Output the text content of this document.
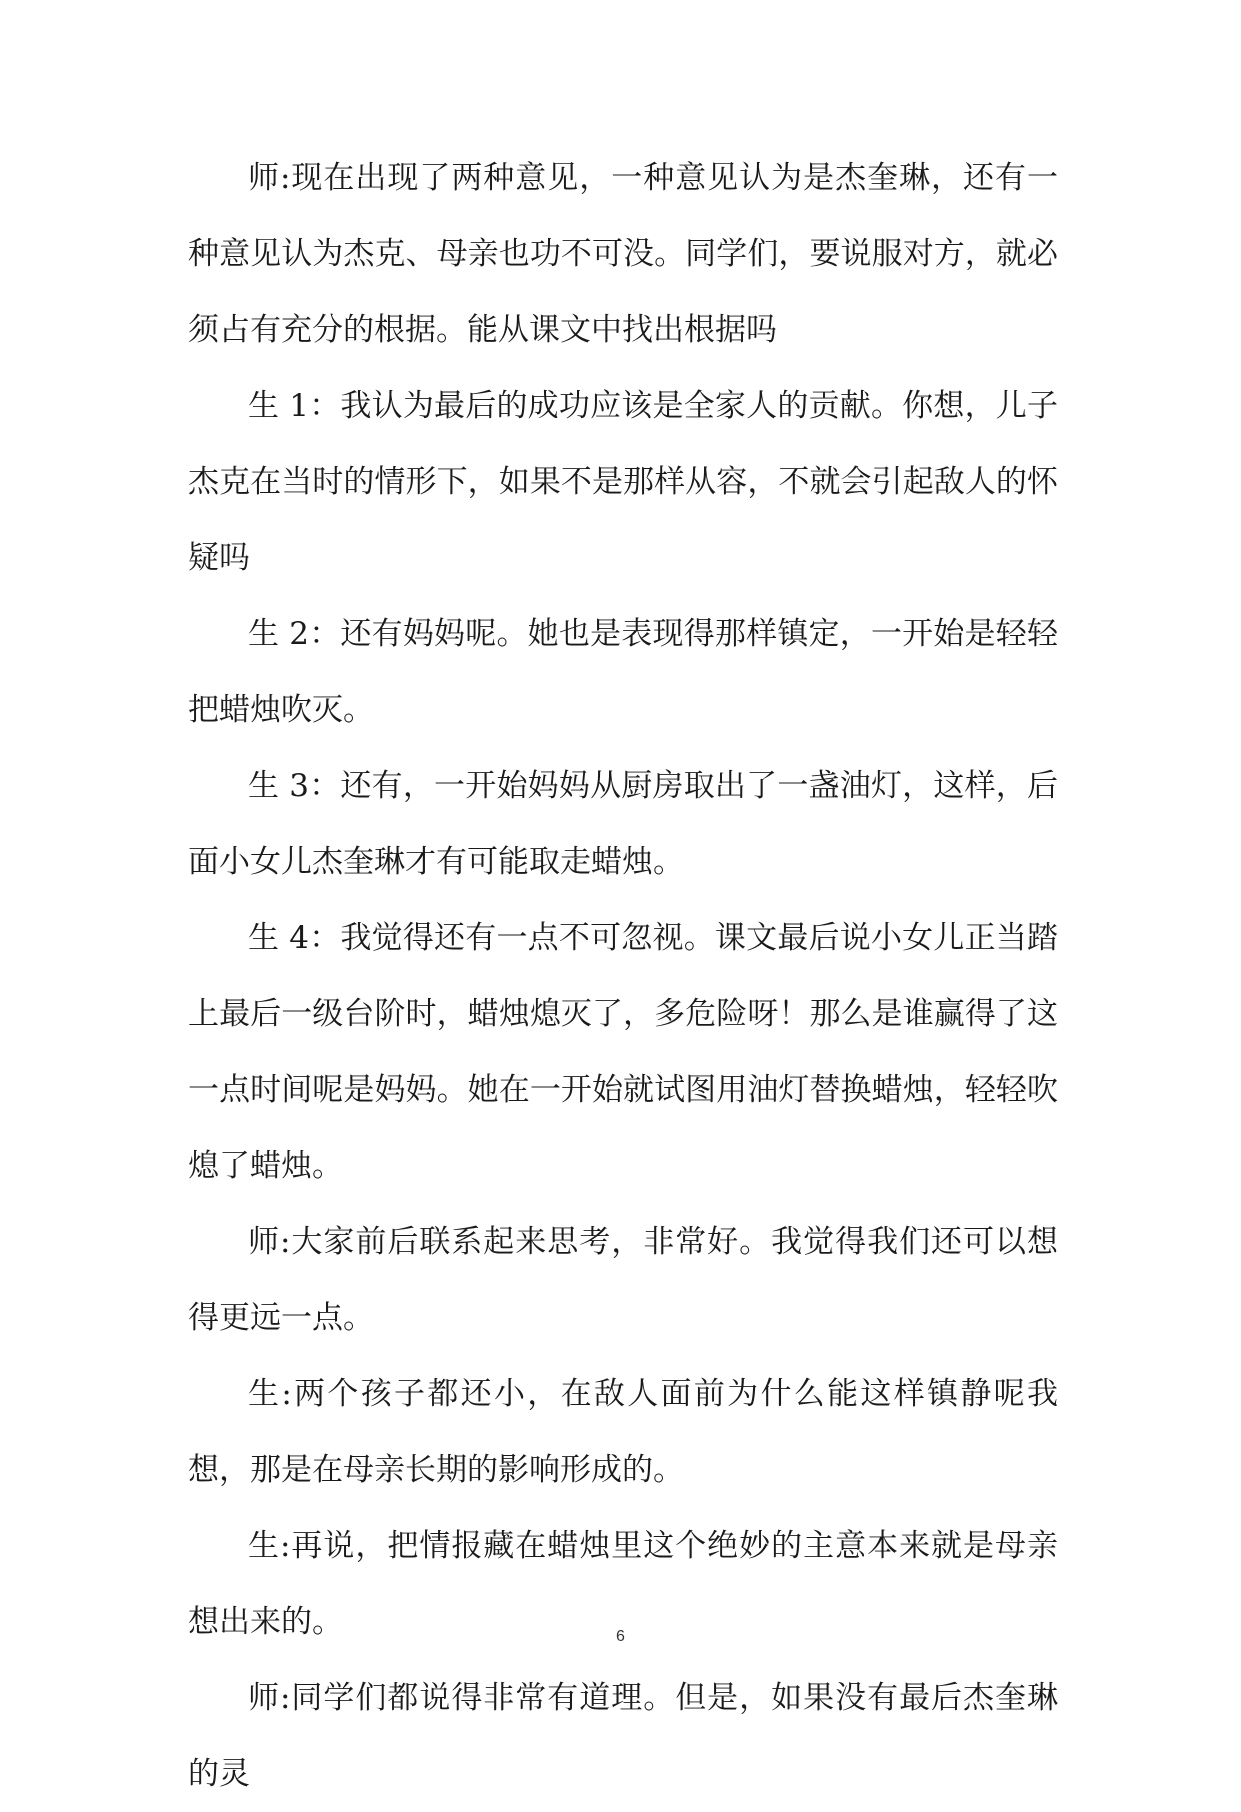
师:现在出现了两种意见，一种意见认为是杰奎琳，还有一种意见认为杰克、母亲也功不可没。同学们，要说服对方，就必须占有充分的根据。能从课文中找出根据吗

生 1：我认为最后的成功应该是全家人的贡献。你想，儿子杰克在当时的情形下，如果不是那样从容，不就会引起敌人的怀疑吗

生 2：还有妈妈呢。她也是表现得那样镇定，一开始是轻轻把蜡烛吹灭。

生 3：还有，一开始妈妈从厨房取出了一盏油灯，这样，后面小女儿杰奎琳才有可能取走蜡烛。

生 4：我觉得还有一点不可忽视。课文最后说小女儿正当踏上最后一级台阶时，蜡烛熄灭了，多危险呀！那么是谁赢得了这一点时间呢是妈妈。她在一开始就试图用油灯替换蜡烛，轻轻吹熄了蜡烛。

师:大家前后联系起来思考，非常好。我觉得我们还可以想得更远一点。

生:两个孩子都还小，在敌人面前为什么能这样镇静呢我想，那是在母亲长期的影响形成的。

生:再说，把情报藏在蜡烛里这个绝妙的主意本来就是母亲想出来的。

师:同学们都说得非常有道理。但是，如果没有最后杰奎琳的灵

6
